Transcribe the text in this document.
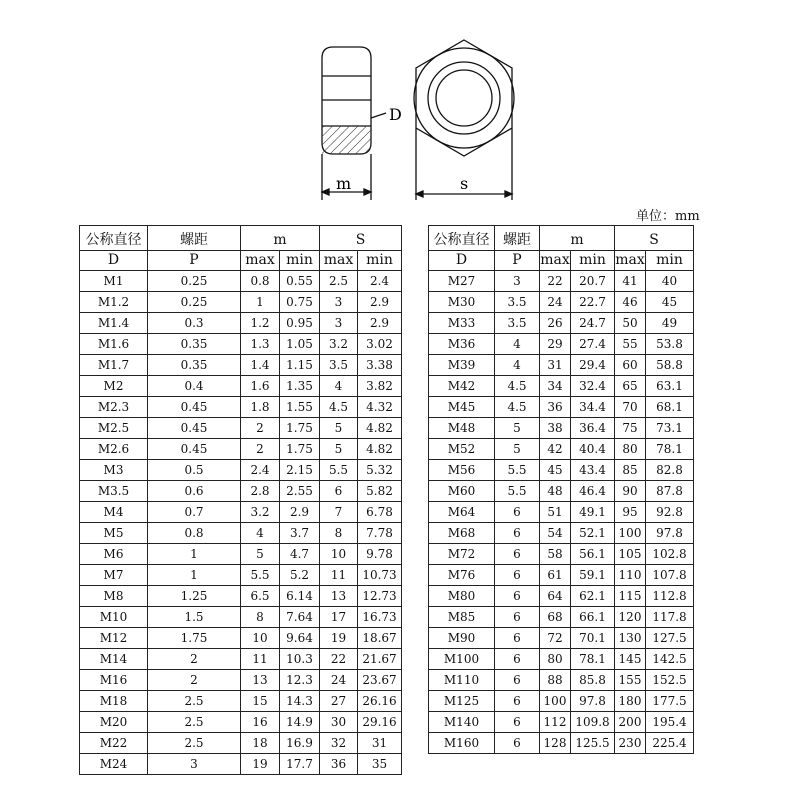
D
m	s
单位：mm
公称直径	螺距	m		S	
D	P	max	min	max	min
M1	0.25	0.8	0.55	2.5	2.4
M1.2	0.25	1	0.75	3	2.9
M1.4	0.3	1.2	0.95	3	2.9
M1.6	0.35	1.3	1.05	3.2	3.02
M1.7	0.35	1.4	1.15	3.5	3.38
M2	0.4	1.6	1.35	4	3.82
M2.3	0.45	1.8	1.55	4.5	4.32
M2.5	0.45	2	1.75	5	4.82
M2.6	0.45	2	1.75	5	4.82
M3	0.5	2.4	2.15	5.5	5.32
M3.5	0.6	2.8	2.55	6	5.82
M4	0.7	3.2	2.9	7	6.78
M5	0.8	4	3.7	8	7.78
M6	1	5	4.7	10	9.78
M7	1	5.5	5.2	11	10.73
M8	1.25	6.5	6.14	13	12.73
M10	1.5	8	7.64	17	16.73
M12	1.75	10	9.64	19	18.67
M14	2	11	10.3	22	21.67
M16	2	13	12.3	24	23.67
M18	2.5	15	14.3	27	26.16
M20	2.5	16	14.9	30	29.16
M22	2.5	18	16.9	32	31
M24	3	19	17.7	36	35
公称直径	螺距	m		S	
D	P	max	min	max	min
M27	3	22	20.7	41	40
M30	3.5	24	22.7	46	45
M33	3.5	26	24.7	50	49
M36	4	29	27.4	55	53.8
M39	4	31	29.4	60	58.8
M42	4.5	34	32.4	65	63.1
M45	4.5	36	34.4	70	68.1
M48	5	38	36.4	75	73.1
M52	5	42	40.4	80	78.1
M56	5.5	45	43.4	85	82.8
M60	5.5	48	46.4	90	87.8
M64	6	51	49.1	95	92.8
M68	6	54	52.1	100	97.8
M72	6	58	56.1	105	102.8
M76	6	61	59.1	110	107.8
M80	6	64	62.1	115	112.8
M85	6	68	66.1	120	117.8
M90	6	72	70.1	130	127.5
M100	6	80	78.1	145	142.5
M110	6	88	85.8	155	152.5
M125	6	100	97.8	180	177.5
M140	6	112	109.8	200	195.4
M160	6	128	125.5	230	225.4
